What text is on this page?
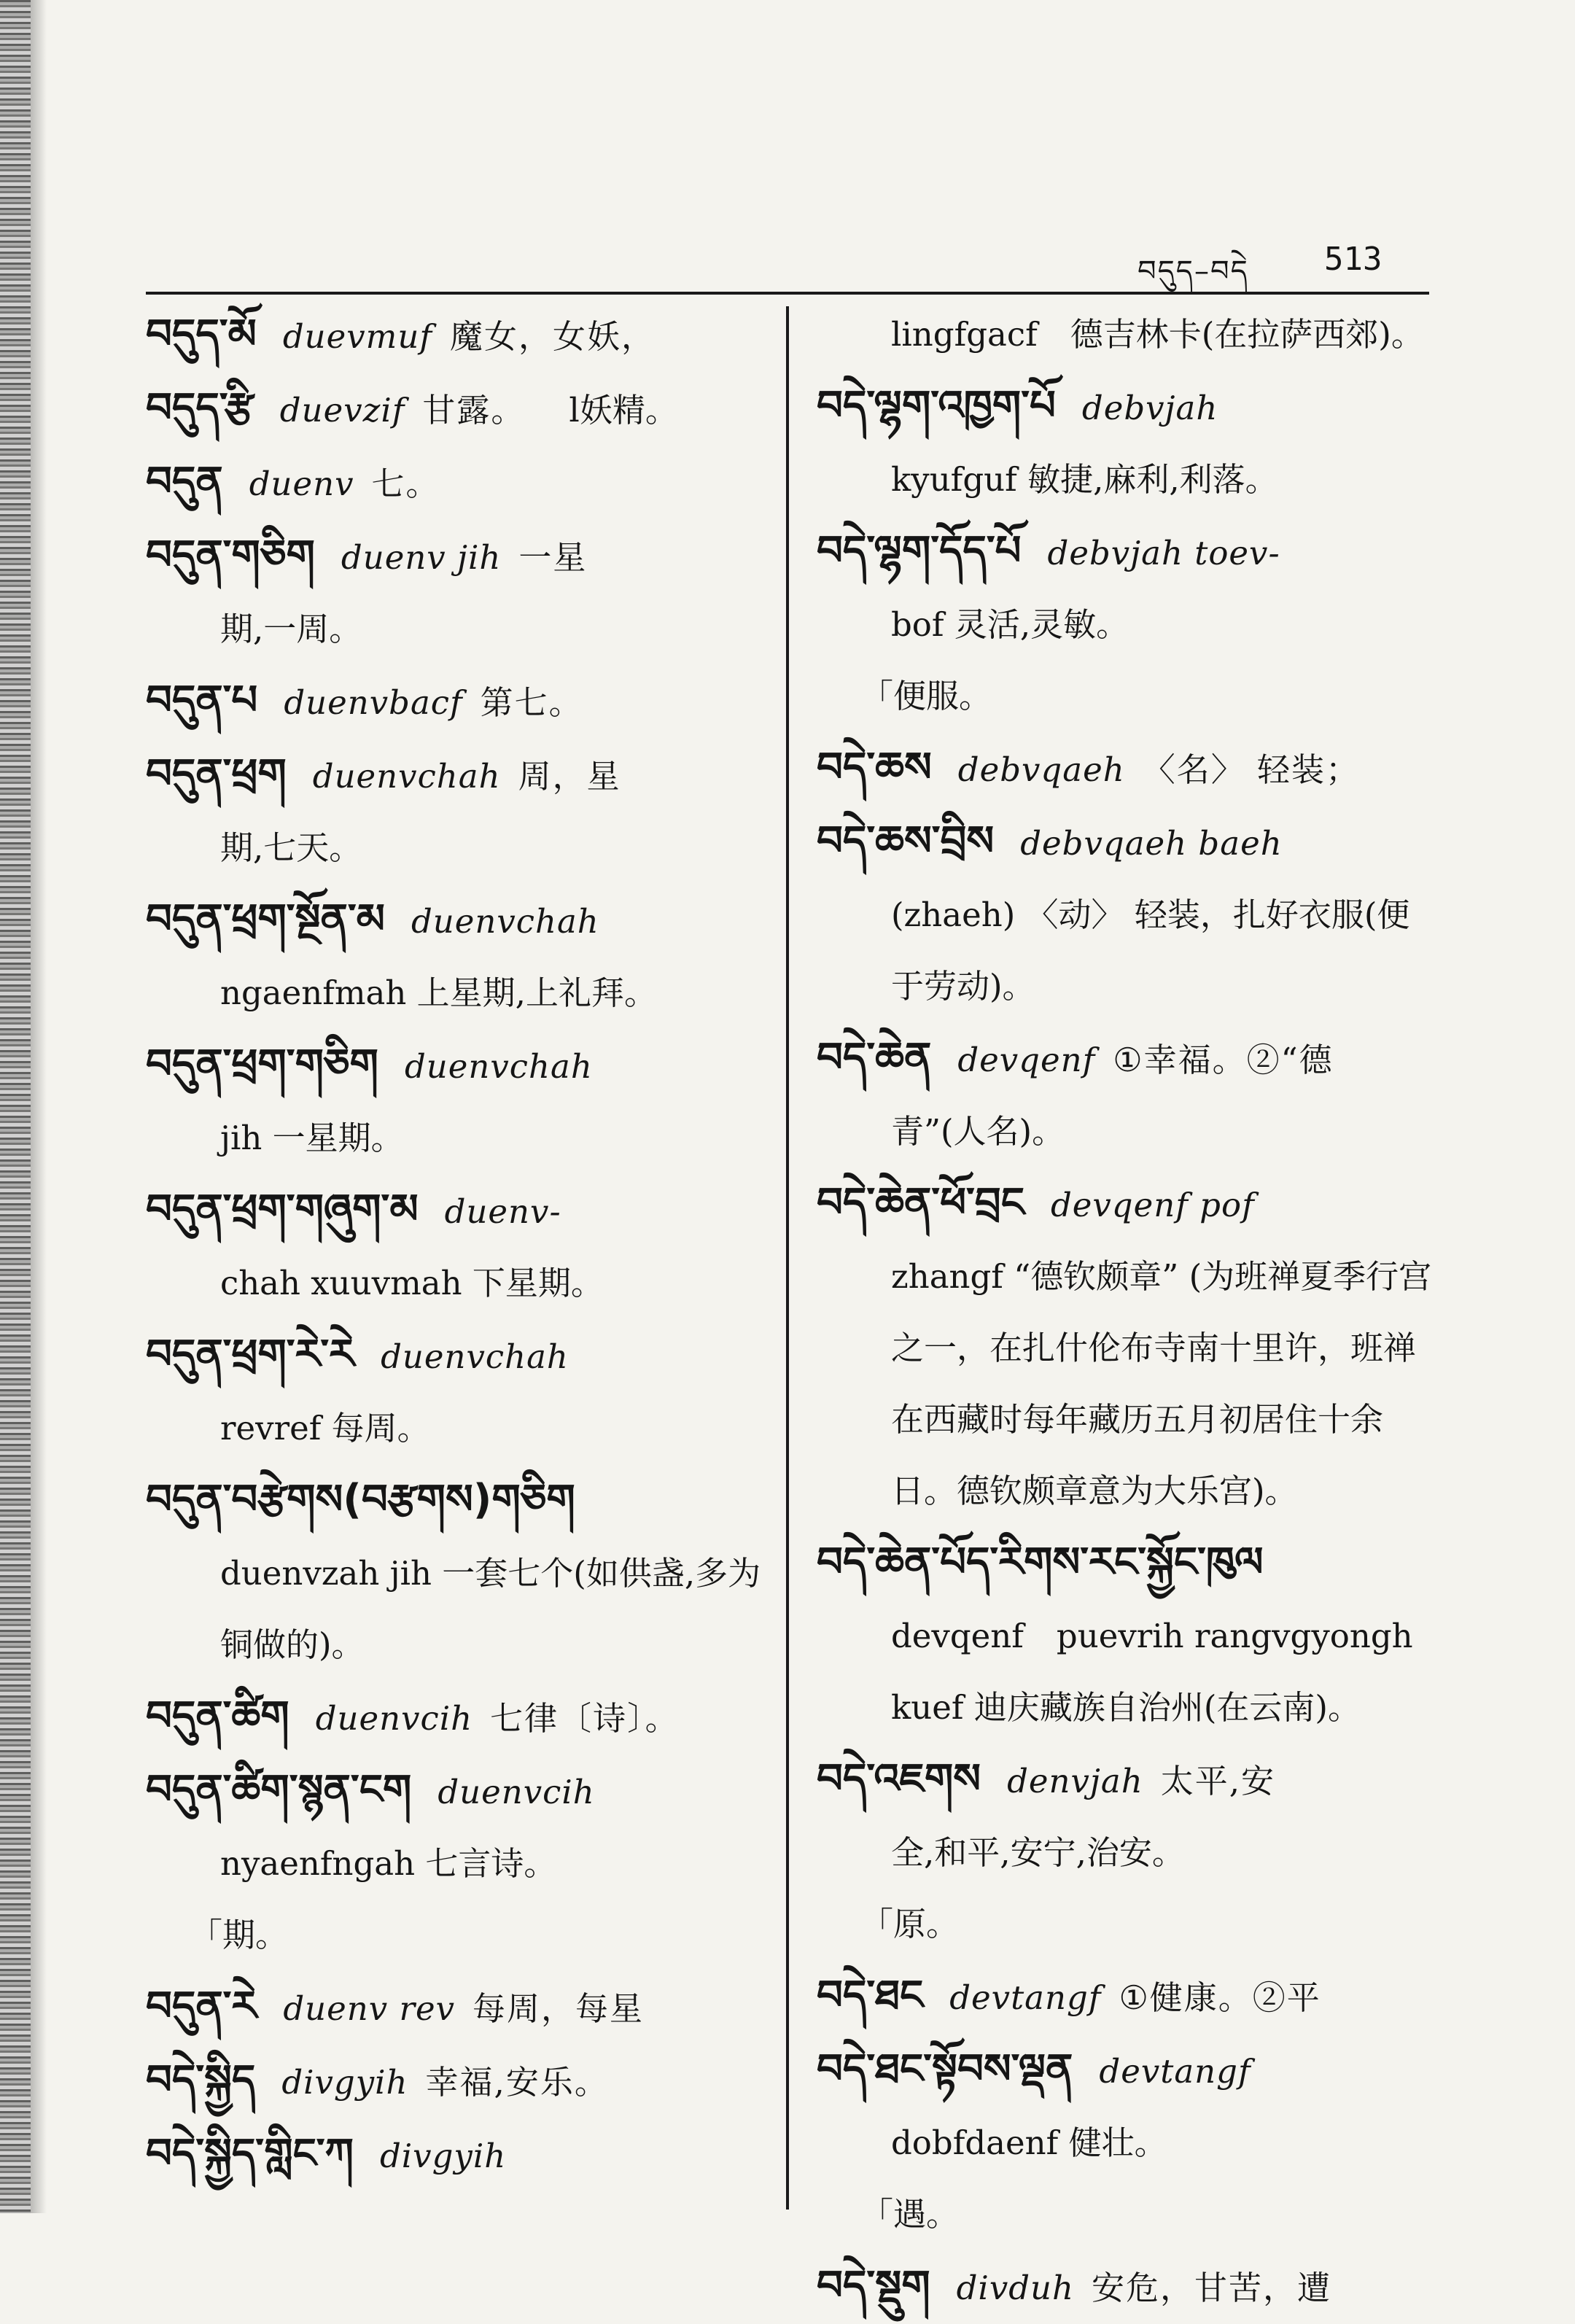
བདུད–བདེ 513
བདུད་མོ duevmuf 魔女，女妖，
བདུད་རྩི duevzif 甘露。 l妖精。
བདུན duenv 七。
བདུན་གཅིག duenv jih 一星
期,一周。
བདུན་པ duenvbacf 第七。
བདུན་ཕྲག duenvchah 周，星
期,七天。
བདུན་ཕྲག་སྔོན་མ duenvchah
ngaenfmah 上星期,上礼拜。
བདུན་ཕྲག་གཅིག duenvchah
jih 一星期。
བདུན་ཕྲག་གཞུག་མ duenv-
chah xuuvmah 下星期。
བདུན་ཕྲག་རེ་རེ duenvchah
revref 每周。
བདུན་བརྩེགས(བརྩགས)གཅིག
duenvzah jih 一套七个(如供盏,多为铜做的)。
བདུན་ཚིག duenvcih 七律〔诗〕。
བདུན་ཚིག་སྙན་ངག duenvcih
nyaenfngah 七言诗。
「期。
བདུན་རེ duenv rev 每周，每星
བདེ་སྐྱིད divgyih 幸福,安乐。
བདེ་སྐྱིད་གླིང་ཀ divgyih
lingfgacf　德吉林卡(在拉萨西郊)。
བདེ་ལྷག་འཁྱག་པོ debvjah
kyufguf 敏捷,麻利,利落。
བདེ་ལྷག་དོད་པོ debvjah toev-
bof 灵活,灵敏。
「便服。
བདེ་ཆས debvqaeh 〈名〉 轻装；
བདེ་ཆས་བྲིས debvqaeh baeh
(zhaeh) 〈动〉 轻装，扎好衣服(便于劳动)。
བདེ་ཆེན devqenf ①幸福。②“德
青”(人名)。
བདེ་ཆེན་ཕོ་བྲང devqenf pof
zhangf “德钦颇章” (为班禅夏季行宫之一，在扎什伦布寺南十里许，班禅在西藏时每年藏历五月初居住十余日。德钦颇章意为大乐宫)。
བདེ་ཆེན་པོད་རིགས་རང་སྐྱོང་ཁུལ
devqenf　puevrih rangvgyongh kuef 迪庆藏族自治州(在云南)。
བདེ་འཇགས denvjah 太平,安
全,和平,安宁,治安。
「原。
བདེ་ཐང devtangf ①健康。②平
བདེ་ཐང་སྟོབས་ལྡན devtangf
dobfdaenf 健壮。
「遇。
བདེ་སྡུག divduh 安危，甘苦，遭
